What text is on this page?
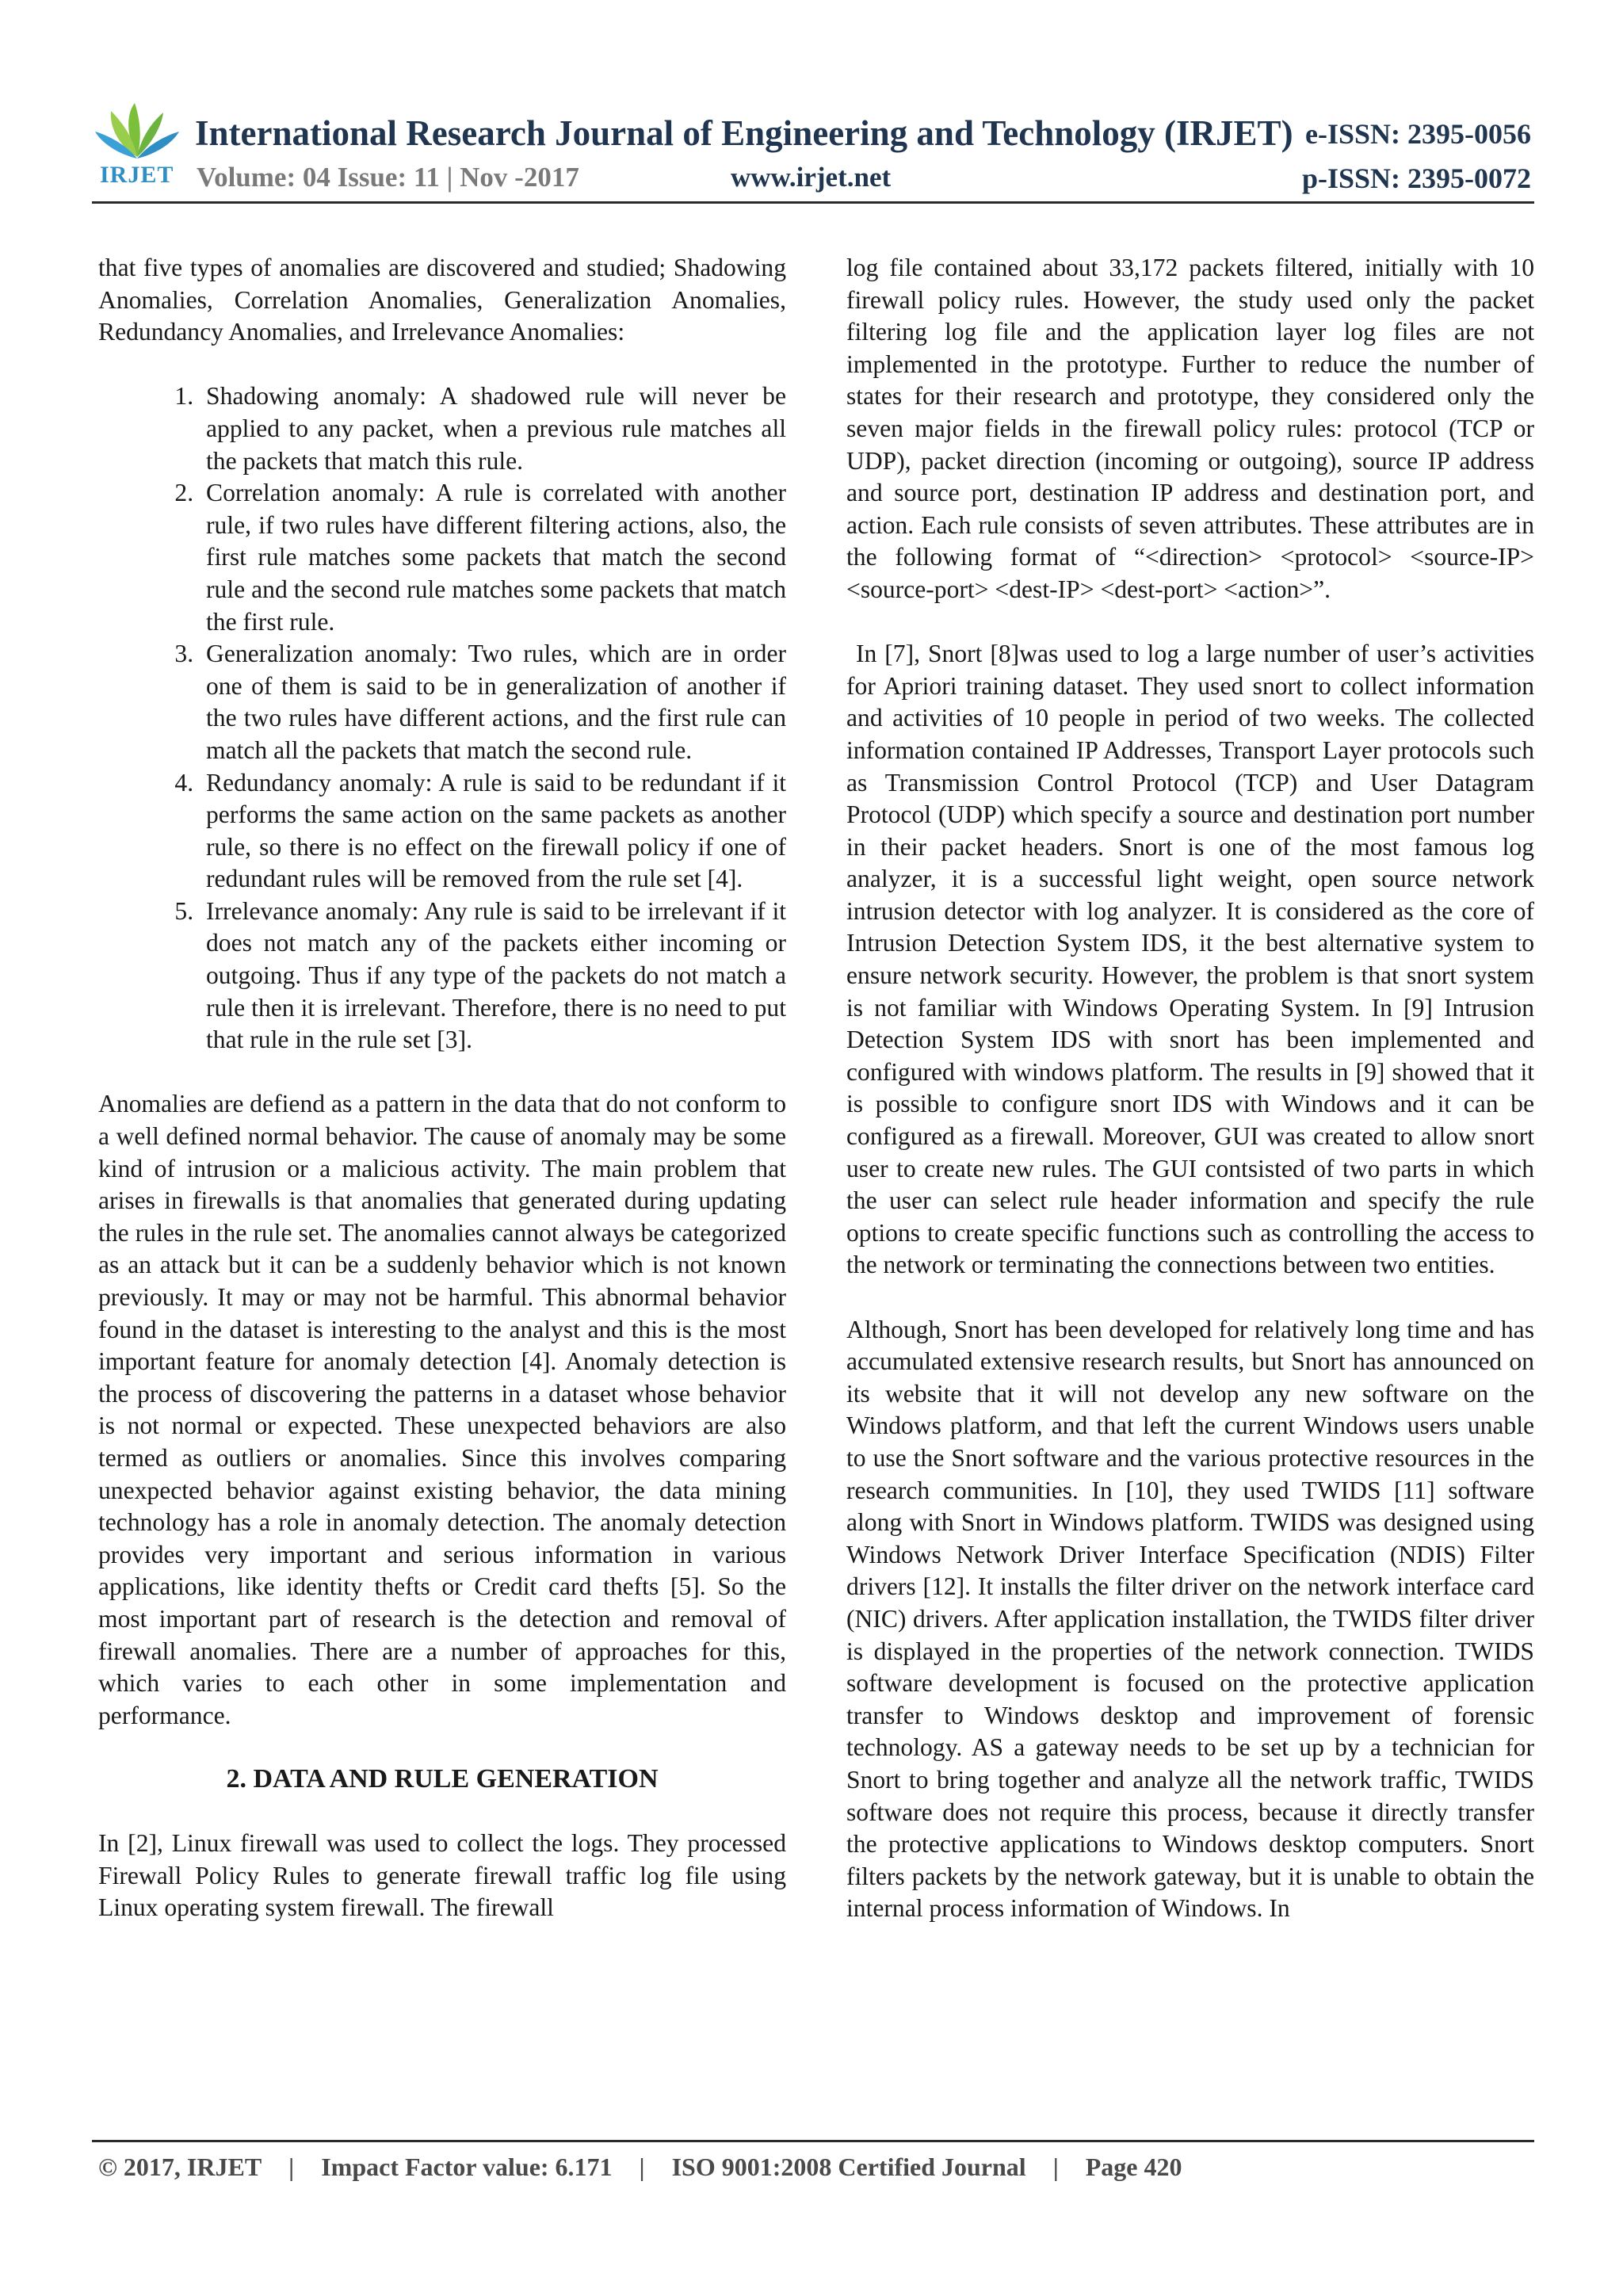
IRJET
International Research Journal of Engineering and Technology (IRJET) e-ISSN: 2395-0056
Volume: 04 Issue: 11 | Nov -2017	www.irjet.net	p-ISSN: 2395-0072

that five types of anomalies are discovered and studied; Shadowing Anomalies, Correlation Anomalies, Generalization Anomalies, Redundancy Anomalies, and Irrelevance Anomalies:

1. Shadowing anomaly: A shadowed rule will never be applied to any packet, when a previous rule matches all the packets that match this rule.
2. Correlation anomaly: A rule is correlated with another rule, if two rules have different filtering actions, also, the first rule matches some packets that match the second rule and the second rule matches some packets that match the first rule.
3. Generalization anomaly: Two rules, which are in order one of them is said to be in generalization of another if the two rules have different actions, and the first rule can match all the packets that match the second rule.
4. Redundancy anomaly: A rule is said to be redundant if it performs the same action on the same packets as another rule, so there is no effect on the firewall policy if one of redundant rules will be removed from the rule set [4].
5. Irrelevance anomaly: Any rule is said to be irrelevant if it does not match any of the packets either incoming or outgoing. Thus if any type of the packets do not match a rule then it is irrelevant. Therefore, there is no need to put that rule in the rule set [3].

Anomalies are defiend as a pattern in the data that do not conform to a well defined normal behavior. The cause of anomaly may be some kind of intrusion or a malicious activity. The main problem that arises in firewalls is that anomalies that generated during updating the rules in the rule set. The anomalies cannot always be categorized as an attack but it can be a suddenly behavior which is not known previously. It may or may not be harmful. This abnormal behavior found in the dataset is interesting to the analyst and this is the most important feature for anomaly detection [4]. Anomaly detection is the process of discovering the patterns in a dataset whose behavior is not normal or expected. These unexpected behaviors are also termed as outliers or anomalies. Since this involves comparing unexpected behavior against existing behavior, the data mining technology has a role in anomaly detection. The anomaly detection provides very important and serious information in various applications, like identity thefts or Credit card thefts [5]. So the most important part of research is the detection and removal of firewall anomalies. There are a number of approaches for this, which varies to each other in some implementation and performance.

2. DATA AND RULE GENERATION

In [2], Linux firewall was used to collect the logs. They processed Firewall Policy Rules to generate firewall traffic log file using Linux operating system firewall. The firewall

log file contained about 33,172 packets filtered, initially with 10 firewall policy rules. However, the study used only the packet filtering log file and the application layer log files are not implemented in the prototype. Further to reduce the number of states for their research and prototype, they considered only the seven major fields in the firewall policy rules: protocol (TCP or UDP), packet direction (incoming or outgoing), source IP address and source port, destination IP address and destination port, and action. Each rule consists of seven attributes. These attributes are in the following format of “<direction> <protocol> <source-IP> <source-port> <dest-IP> <dest-port> <action>”.

In [7], Snort [8]was used to log a large number of user’s activities for Apriori training dataset. They used snort to collect information and activities of 10 people in period of two weeks. The collected information contained IP Addresses, Transport Layer protocols such as Transmission Control Protocol (TCP) and User Datagram Protocol (UDP) which specify a source and destination port number in their packet headers. Snort is one of the most famous log analyzer, it is a successful light weight, open source network intrusion detector with log analyzer. It is considered as the core of Intrusion Detection System IDS, it the best alternative system to ensure network security. However, the problem is that snort system is not familiar with Windows Operating System. In [9] Intrusion Detection System IDS with snort has been implemented and configured with windows platform. The results in [9] showed that it is possible to configure snort IDS with Windows and it can be configured as a firewall. Moreover, GUI was created to allow snort user to create new rules. The GUI contsisted of two parts in which the user can select rule header information and specify the rule options to create specific functions such as controlling the access to the network or terminating the connections between two entities.

Although, Snort has been developed for relatively long time and has accumulated extensive research results, but Snort has announced on its website that it will not develop any new software on the Windows platform, and that left the current Windows users unable to use the Snort software and the various protective resources in the research communities. In [10], they used TWIDS [11] software along with Snort in Windows platform. TWIDS was designed using Windows Network Driver Interface Specification (NDIS) Filter drivers [12]. It installs the filter driver on the network interface card (NIC) drivers. After application installation, the TWIDS filter driver is displayed in the properties of the network connection. TWIDS software development is focused on the protective application transfer to Windows desktop and improvement of forensic technology. AS a gateway needs to be set up by a technician for Snort to bring together and analyze all the network traffic, TWIDS software does not require this process, because it directly transfer the protective applications to Windows desktop computers. Snort filters packets by the network gateway, but it is unable to obtain the internal process information of Windows. In

© 2017, IRJET | Impact Factor value: 6.171 | ISO 9001:2008 Certified Journal | Page 420
